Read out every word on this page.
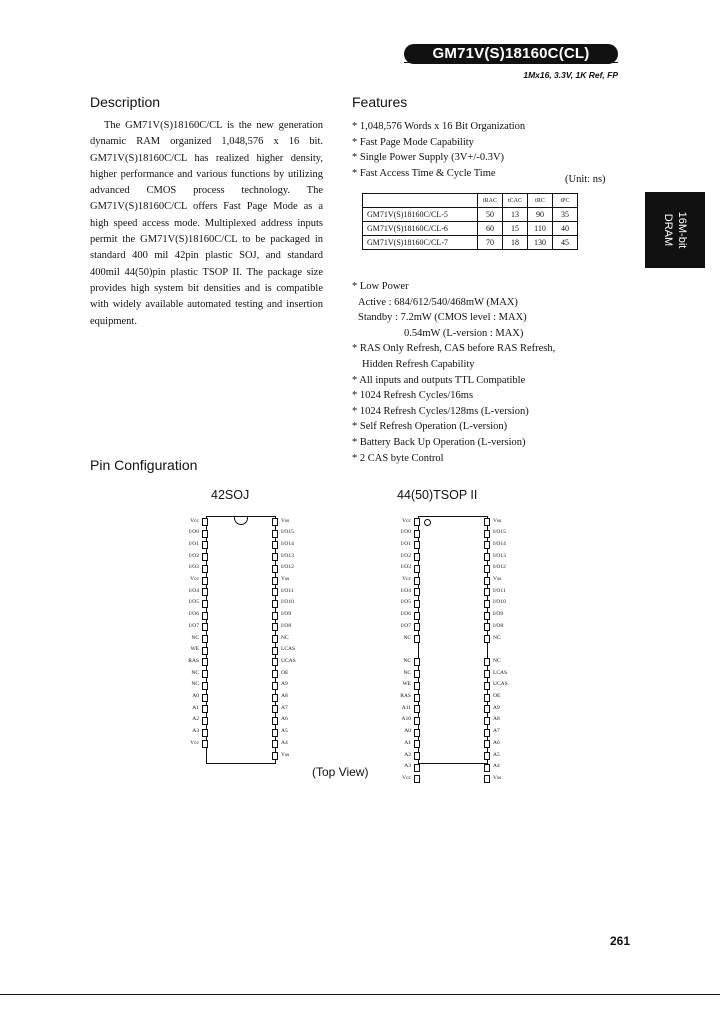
GM71V(S)18160C(CL)
1Mx16, 3.3V, 1K Ref, FP
16M-bit
DRAM
Description

The GM71V(S)18160C/CL is the new generation dynamic RAM organized 1,048,576 x 16 bit. GM71V(S)18160C/CL has realized higher density, higher performance and various functions by utilizing advanced CMOS process technology. The GM71V(S)18160C/CL offers Fast Page Mode as a high speed access mode. Multiplexed address inputs permit the GM71V(S)18160C/CL to be packaged in standard 400 mil 42pin plastic SOJ, and standard 400mil 44(50)pin plastic TSOP II. The package size provides high system bit densities and is compatible with widely available automated testing and insertion equipment.

Features
* 1,048,576 Words x 16 Bit Organization
* Fast Page Mode Capability
* Single Power Supply (3V+/-0.3V)
* Fast Access Time & Cycle Time
(Unit: ns)
	tRAC	tCAC	tRC	tPC
GM71V(S)18160C/CL-5	50	13	90	35
GM71V(S)18160C/CL-6	60	15	110	40
GM71V(S)18160C/CL-7	70	18	130	45
* Low Power
Active : 684/612/540/468mW (MAX)
Standby : 7.2mW (CMOS level : MAX)
0.54mW (L-version : MAX)
* RAS Only Refresh, CAS before RAS Refresh,
Hidden Refresh Capability
* All inputs and outputs TTL Compatible
* 1024 Refresh Cycles/16ms
* 1024 Refresh Cycles/128ms (L-version)
* Self Refresh Operation (L-version)
* Battery Back Up Operation (L-version)
* 2 CAS byte Control
Pin Configuration
42SOJ	44(50)TSOP II
Vcc
I/O0
I/O1
I/O2
I/O3
Vcc
I/O4
I/O5
I/O6
I/O7
NC
WE
RAS
NC
NC
A0
A1
A2
A3
Vcc
Vss
I/O15
I/O14
I/O13
I/O12
Vss
I/O11
I/O10
I/O9
I/O8
NC
LCAS
UCAS
OE
A9
A8
A7
A6
A5
A4
Vss
Vcc
I/O0
I/O1
I/O2
I/O3
Vcc
I/O4
I/O5
I/O6
I/O7
NC
NC
NC
WE
RAS
A11
A10
A0
A1
A2
A3
Vcc
Vss
I/O15
I/O14
I/O13
I/O12
Vss
I/O11
I/O10
I/O9
I/O8
NC
NC
LCAS
UCAS
OE
A9
A8
A7
A6
A5
A4
Vss
(Top View)
261
